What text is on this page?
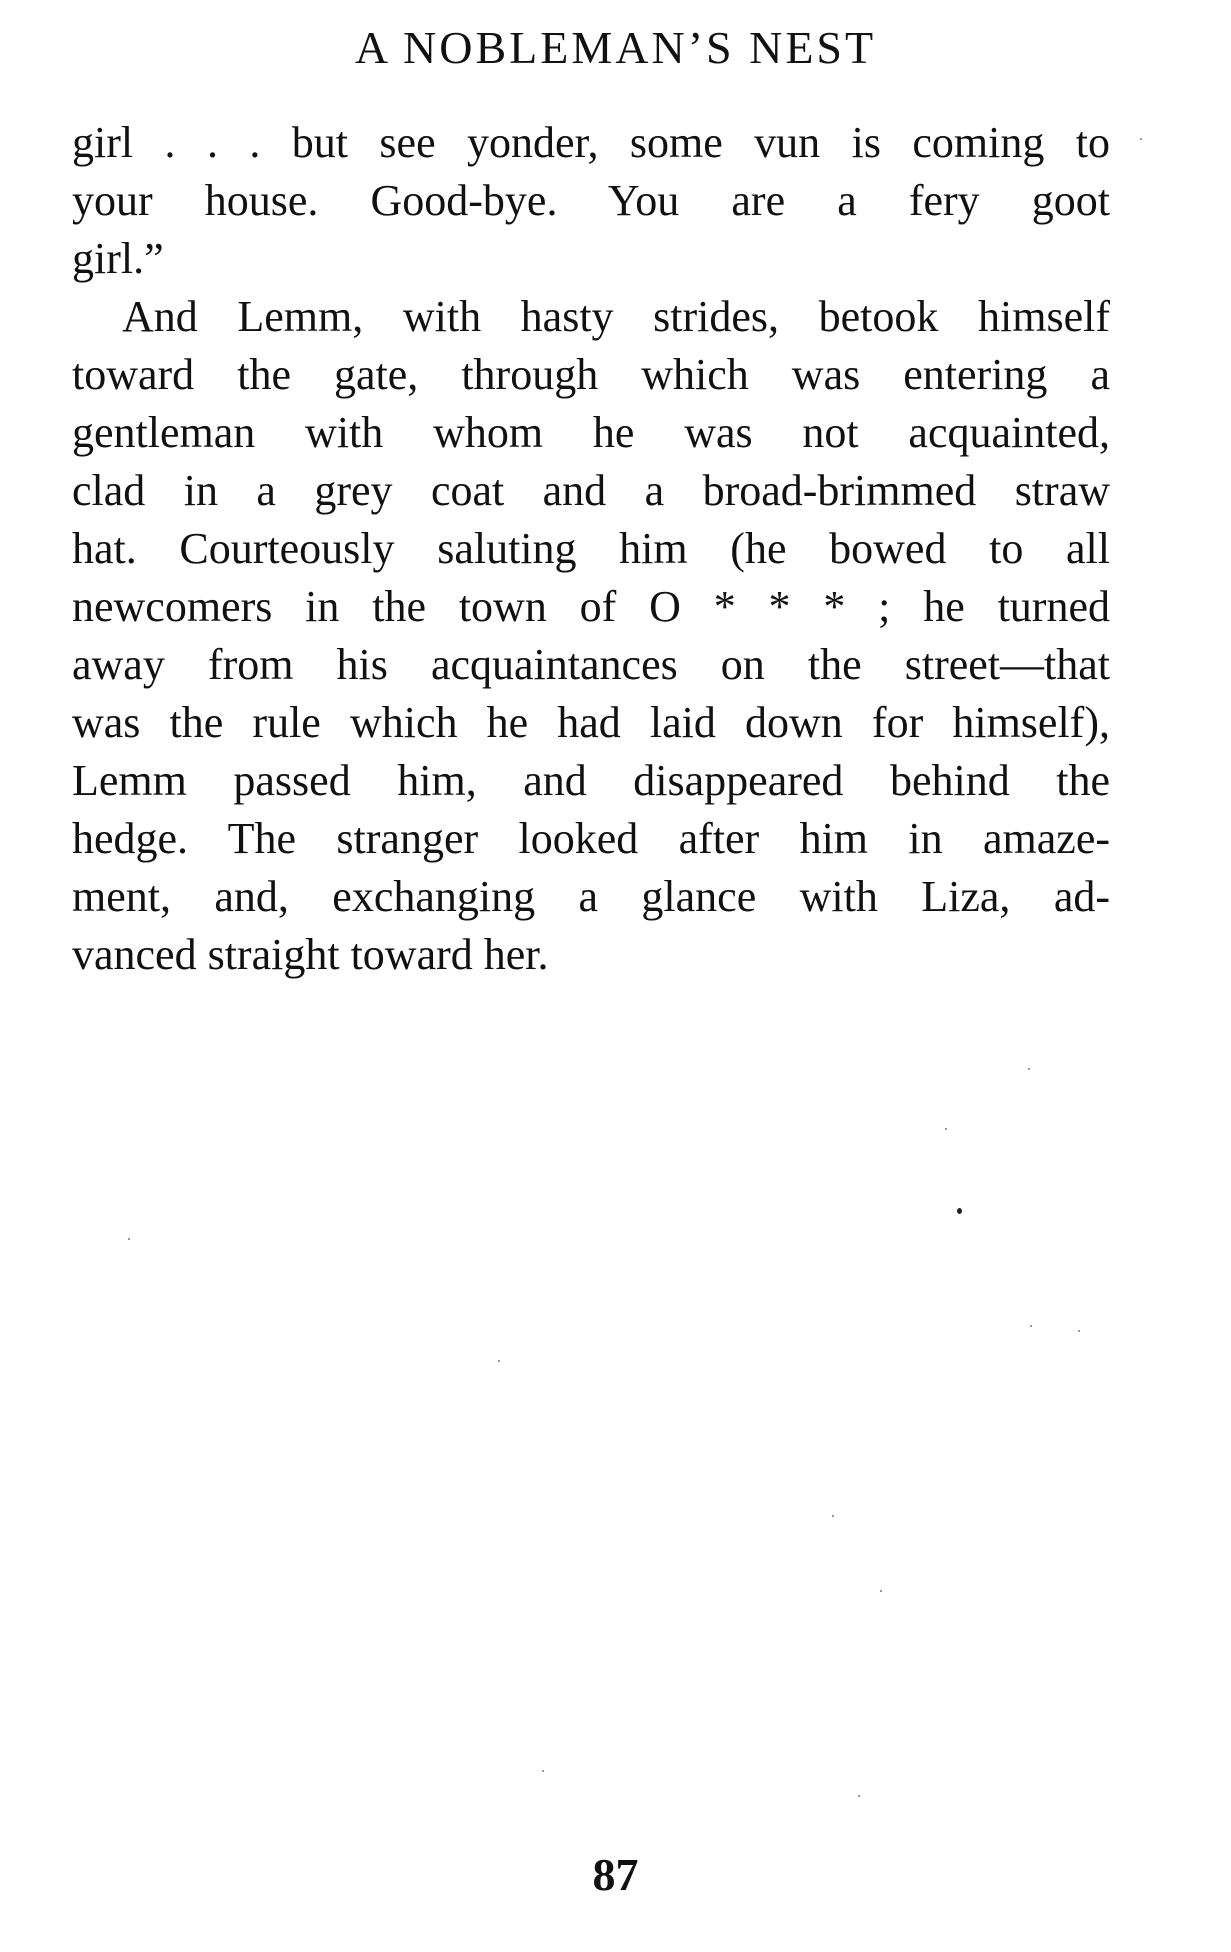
A NOBLEMAN’S NEST
girl . . . but see yonder, some vun is coming to
your house. Good-bye. You are a fery goot
girl.”
And Lemm, with hasty strides, betook himself
toward the gate, through which was entering a
gentleman with whom he was not acquainted,
clad in a grey coat and a broad-brimmed straw
hat. Courteously saluting him (he bowed to all
newcomers in the town of O * * * ; he turned
away from his acquaintances on the street—that
was the rule which he had laid down for himself),
Lemm passed him, and disappeared behind the
hedge. The stranger looked after him in amaze-
ment, and, exchanging a glance with Liza, ad-
vanced straight toward her.
87
